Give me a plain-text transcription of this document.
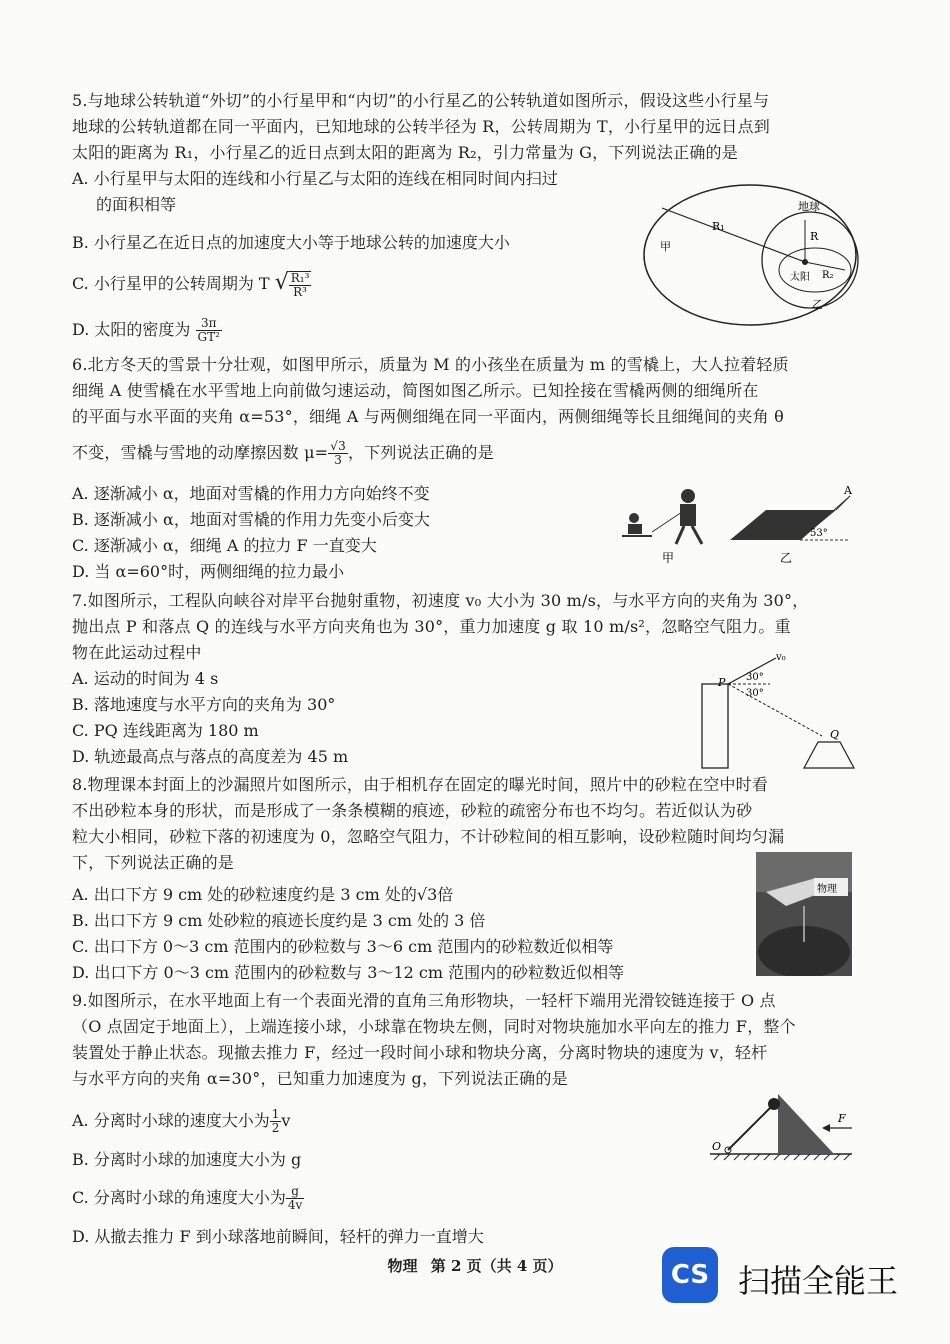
5.与地球公转轨道“外切”的小行星甲和“内切”的小行星乙的公转轨道如图所示，假设这些小行星与
地球的公转轨道都在同一平面内，已知地球的公转半径为 R，公转周期为 T，小行星甲的远日点到
太阳的距离为 R₁，小行星乙的近日点到太阳的距离为 R₂，引力常量为 G，下列说法正确的是
A. 小行星甲与太阳的连线和小行星乙与太阳的连线在相同时间内扫过
的面积相等
B. 小行星乙在近日点的加速度大小等于地球公转的加速度大小
C. 小行星甲的公转周期为 T √ $\frac{\text{R₁³}}{\text{R³}}$
D. 太阳的密度为 $\frac{3\pi}{\text{GT²}}$
R₁
R
地球
太阳 R₂
甲
乙
6.北方冬天的雪景十分壮观，如图甲所示，质量为 M 的小孩坐在质量为 m 的雪橇上，大人拉着轻质
细绳 A 使雪橇在水平雪地上向前做匀速运动，简图如图乙所示。已知拴接在雪橇两侧的细绳所在
的平面与水平面的夹角 α=53°，细绳 A 与两侧细绳在同一平面内，两侧细绳等长且细绳间的夹角 θ
不变，雪橇与雪地的动摩擦因数 $\mu= \frac{√3}{3}$ ，下列说法正确的是
A. 逐渐减小 α，地面对雪橇的作用力方向始终不变
B. 逐渐减小 α，地面对雪橇的作用力先变小后变大
C. 逐渐减小 α，细绳 A 的拉力 F 一直变大
D. 当 α=60°时，两侧细绳的拉力最小
甲
A
53°
乙
7.如图所示，工程队向峡谷对岸平台抛射重物，初速度 v₀ 大小为 30 m/s，与水平方向的夹角为 30°，
抛出点 P 和落点 Q 的连线与水平方向夹角也为 30°，重力加速度 g 取 10 m/s²，忽略空气阻力。重
物在此运动过程中
A. 运动的时间为 4 s
B. 落地速度与水平方向的夹角为 30°
C. PQ 连线距离为 180 m
D. 轨迹最高点与落点的高度差为 45 m
P
Q
v₀
30°
30°
8.物理课本封面上的沙漏照片如图所示，由于相机存在固定的曝光时间，照片中的砂粒在空中时看
不出砂粒本身的形状，而是形成了一条条模糊的痕迹，砂粒的疏密分布也不均匀。若近似认为砂
粒大小相同，砂粒下落的初速度为 0，忽略空气阻力，不计砂粒间的相互影响，设砂粒随时间均匀漏
下，下列说法正确的是
A. 出口下方 9 cm 处的砂粒速度约是 3 cm 处的√3倍
B. 出口下方 9 cm 处砂粒的痕迹长度约是 3 cm 处的 3 倍
C. 出口下方 0～3 cm 范围内的砂粒数与 3～6 cm 范围内的砂粒数近似相等
D. 出口下方 0～3 cm 范围内的砂粒数与 3～12 cm 范围内的砂粒数近似相等
物理
9.如图所示，在水平地面上有一个表面光滑的直角三角形物块，一轻杆下端用光滑铰链连接于 O 点
（O 点固定于地面上），上端连接小球，小球靠在物块左侧，同时对物块施加水平向左的推力 F，整个
装置处于静止状态。现撤去推力 F，经过一段时间小球和物块分离，分离时物块的速度为 v，轻杆
与水平方向的夹角 α=30°，已知重力加速度为 g，下列说法正确的是
A. 分离时小球的速度大小为 $\frac{1}{2}$ v
B. 分离时小球的加速度大小为 g
C. 分离时小球的角速度大小为 $\frac{g}{4v}$
D. 从撤去推力 F 到小球落地前瞬间，轻杆的弹力一直增大
O
F
物理 第 2 页（共 4 页）	CS 扫描全能王
